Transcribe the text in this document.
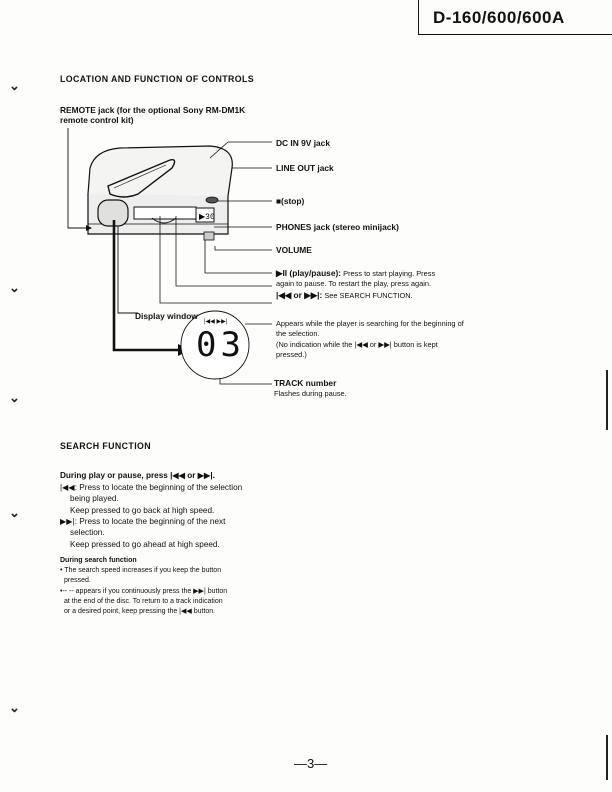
D-160/600/600A
⌄
⌄
⌄
⌄
⌄
LOCATION AND FUNCTION OF CONTROLS
REMOTE jack (for the optional Sony RM-DM1K
remote control kit)
▶30
|◀◀ ▶▶|
03
DC IN 9V jack
LINE OUT jack
■(stop)
PHONES jack (stereo minijack)
VOLUME
▶II (play/pause): Press to start playing. Press
again to pause. To restart the play, press again.
|◀◀ or ▶▶|: See SEARCH FUNCTION.
Display window
Appears while the player is searching for the beginning of
the selection.
(No indication while the |◀◀ or ▶▶| button is kept
pressed.)
TRACK number
Flashes during pause.
SEARCH FUNCTION
During play or pause, press |◀◀ or ▶▶|.
|◀◀: Press to locate the beginning of the selection
being played.
Keep pressed to go back at high speed.
▶▶|: Press to locate the beginning of the next
selection.
Keep pressed to go ahead at high speed.
During search function
• The search speed increases if you keep the button
pressed.
•-- -- appears if you continuously press the ▶▶| button
at the end of the disc. To return to a track indication
or a desired point, keep pressing the |◀◀ button.
—3—
